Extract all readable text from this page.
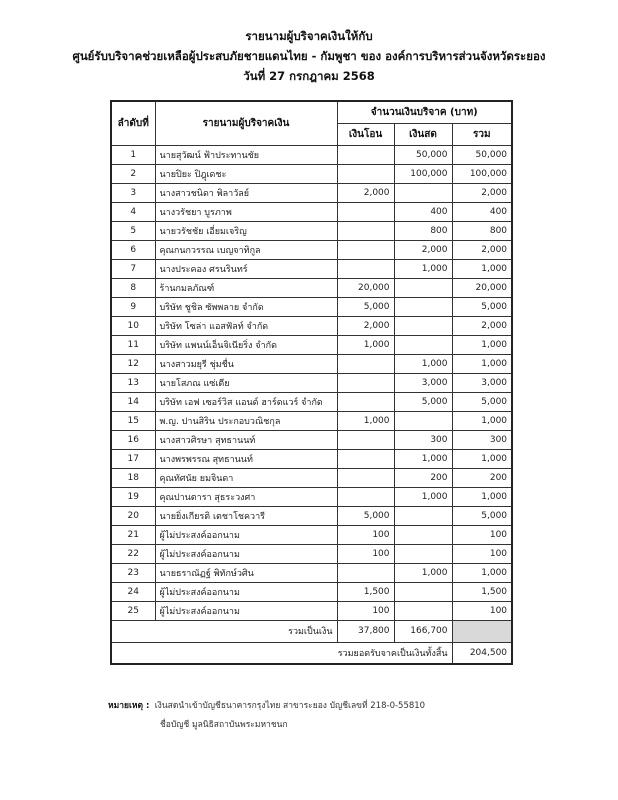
รายนามผู้บริจาคเงินให้กับ
ศูนย์รับบริจาคช่วยเหลือผู้ประสบภัยชายแดนไทย - กัมพูชา ของ องค์การบริหารส่วนจังหวัดระยอง
วันที่ 27 กรกฎาคม 2568
ลำดับที่	รายนามผู้บริจาคเงิน	จำนวนเงินบริจาค (บาท)		
		เงินโอน	เงินสด	รวม
1	นายสุวัฒน์ ฟ้าประทานชัย		50,000	50,000
2	นายปิยะ ปิฎุเดชะ		100,000	100,000
3	นางสาวชนิดา พิลาวัลย์	2,000		2,000
4	นางวรัชยา บูรภาพ		400	400
5	นายวรัชชัย เอี่ยมเจริญ		800	800
6	คุณกนกวรรณ เบญจาทิกูล		2,000	2,000
7	นางประคอง ศรนรินทร์		1,000	1,000
8	ร้านกมลภัณฑ์	20,000		20,000
9	บริษัท ชูชิล ซัพพลาย จำกัด	5,000		5,000
10	บริษัท โซล่า แอสฟัลท์ จำกัด	2,000		2,000
11	บริษัท แพนน์เอ็นจิเนียริ่ง จำกัด	1,000		1,000
12	นางสาวมยุรี ชุ่มชื่น		1,000	1,000
13	นายโสภณ แซ่เตีย		3,000	3,000
14	บริษัท เอฟ เซอร์วิส แอนด์ ฮาร์ดแวร์ จำกัด		5,000	5,000
15	พ.ญ. ปานสิริน ประกอบวณิชกุล	1,000		1,000
16	นางสาวศิรษา สุทธานนท์		300	300
17	นางพรพรรณ สุทธานนท์		1,000	1,000
18	คุณทัศนัย ยมจินดา		200	200
19	คุณปานตารา สุธระวงศา		1,000	1,000
20	นายยิ่งเกียรติ เตชาโชควารี	5,000		5,000
21	ผู้ไม่ประสงค์ออกนาม	100		100
22	ผู้ไม่ประสงค์ออกนาม	100		100
23	นายธราณัฏฐ์ พิทักษ์วศิน		1,000	1,000
24	ผู้ไม่ประสงค์ออกนาม	1,500		1,500
25	ผู้ไม่ประสงค์ออกนาม	100		100
รวมเป็นเงิน		37,800	166,700	
รวมยอดรับจาคเป็นเงินทั้งสิ้น				204,500
หมายเหตุ : เงินสดนำเข้าบัญชีธนาคารกรุงไทย สาขาระยอง บัญชีเลขที่ 218-0-55810
ชื่อบัญชี มูลนิธิสถาบันพระมหาชนก
